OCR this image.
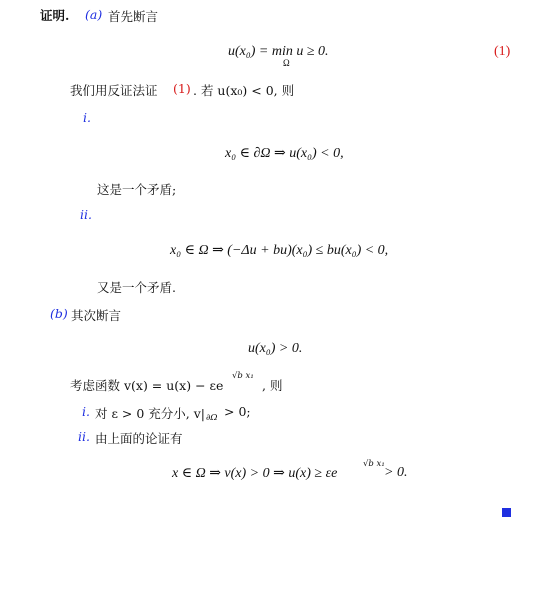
证明. (a) 首先断言
u(x₀) = min u ≥ 0.
Ω
(1)
我们用反证法证 (1) . 若 u(x₀) < 0, 则
i.
x₀ ∈ ∂Ω ⇒ u(x₀) < 0,
这是一个矛盾;
ii.
x₀ ∈ Ω ⇒ (−Δu + bu)(x₀) ≤ bu(x₀) < 0,
又是一个矛盾.
(b) 其次断言
u(x₀) > 0.
考虑函数 v(x) = u(x) − εe
√b x₁
, 则
i. 对 ε > 0 充分小, v| ∂Ω > 0;
ii. 由上面的论证有
x ∈ Ω ⇒ v(x) > 0 ⇒ u(x) ≥ εe
√b x₁
> 0.
